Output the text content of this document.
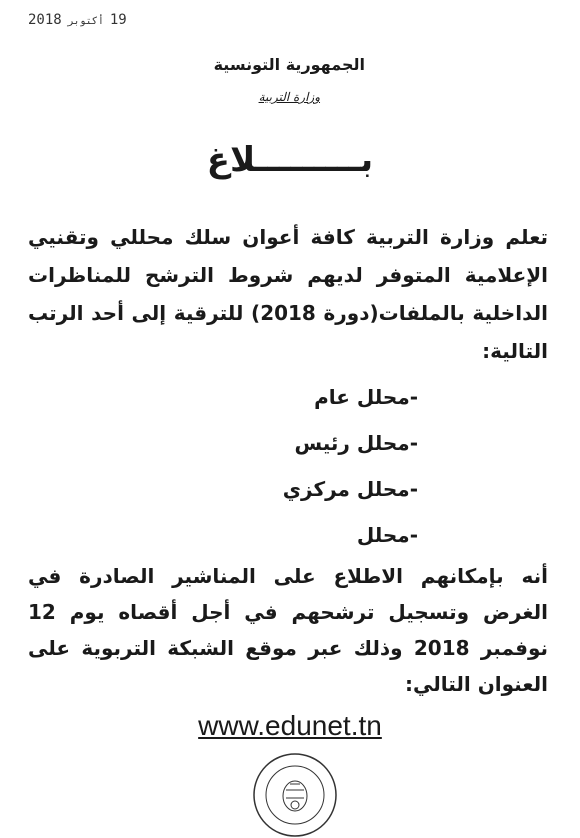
2018 أكتوبر 19
الجمهورية التونسية
وزارة التربية
بـــــــــلاغ

تعلم وزارة التربية كافة أعوان سلك محللي وتقنيي الإعلامية المتوفر لديهم شروط الترشح للمناظرات الداخلية بالملفات(دورة 2018) للترقية إلى أحد الرتب التالية:

-محلل عام
-محلل رئيس
-محلل مركزي
-محلل

أنه بإمكانهم الاطلاع على المناشير الصادرة في الغرض وتسجيل ترشحهم في أجل أقصاه يوم 12 نوفمبر 2018 وذلك عبر موقع الشبكة التربوية على العنوان التالي:

www.edunet.tn
